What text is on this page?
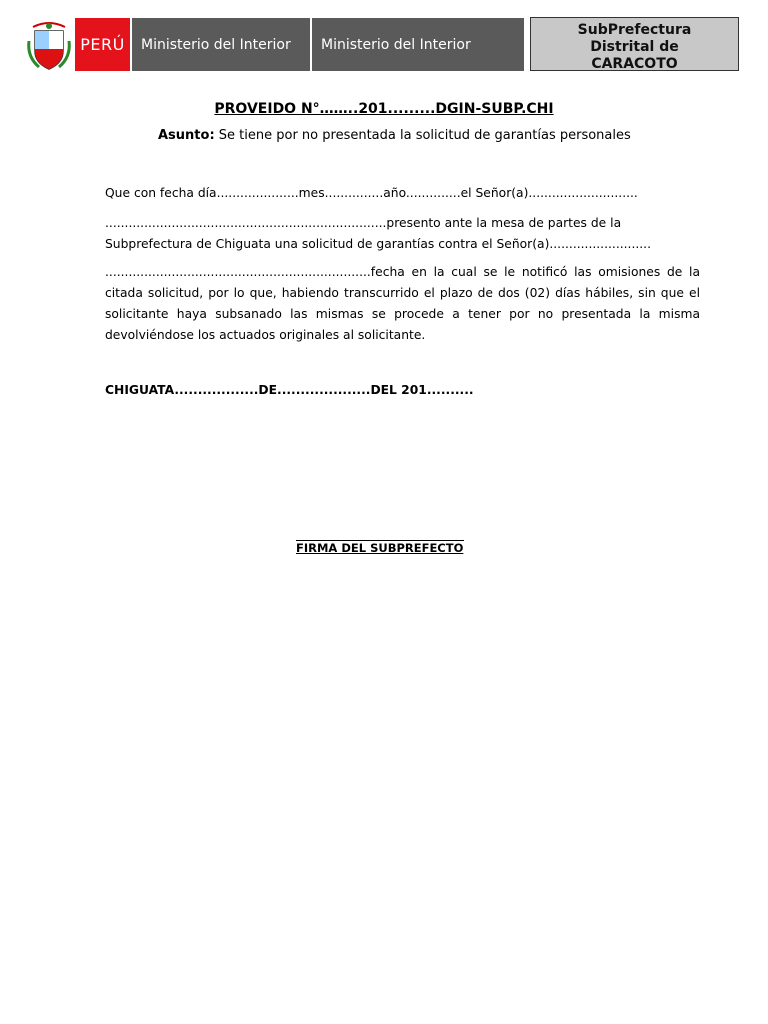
PERÚ	Ministerio del Interior	Ministerio del Interior
SubPrefectura
Distrital de
CARACOTO
PROVEIDO N°……..201.........DGIN-SUBP.CHI
Asunto: Se tiene por no presentada la solicitud de garantías personales
Que con fecha día.....................mes...............año..............el Señor(a)............................
........................................................................presento ante la mesa de partes de la
Subprefectura de Chiguata una solicitud de garantías contra el Señor(a)..........................
....................................................................fecha en la cual se le notificó las omisiones de la citada solicitud, por lo que, habiendo transcurrido el plazo de dos (02) días hábiles, sin que el solicitante haya subsanado las mismas se procede a tener por no presentada la misma devolviéndose los actuados originales al solicitante.
CHIGUATA..................DE....................DEL 201..........
FIRMA DEL SUBPREFECTO
